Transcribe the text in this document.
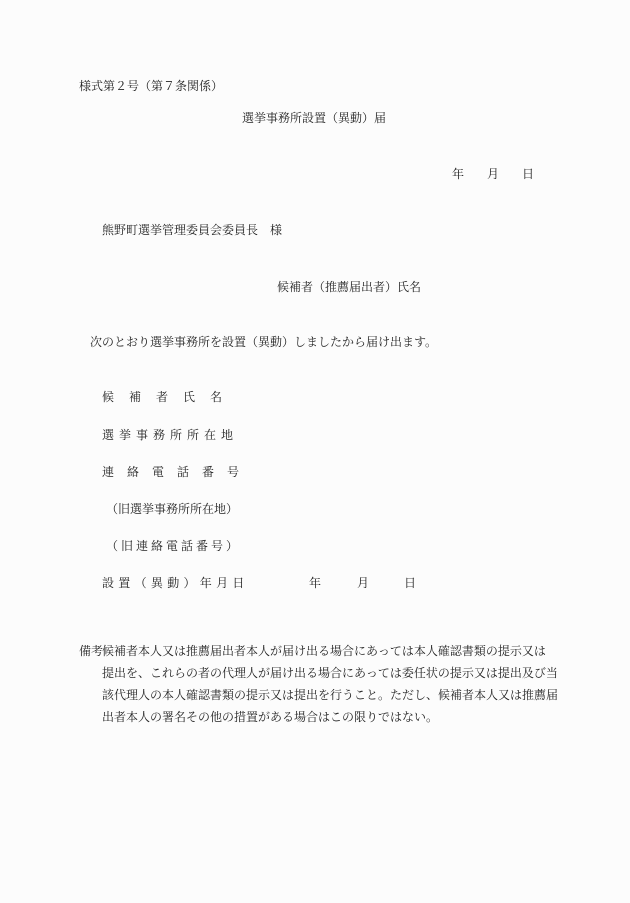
様式第２号（第７条関係）
選挙事務所設置（異動）届
年 月 日
熊野町選挙管理委員会委員長　様
候補者（推薦届出者）氏名
次のとおり選挙事務所を設置（異動）しましたから届け出ます。
候 補 者 氏 名
選 挙 事 務 所 所 在 地
連 絡 電 話 番 号
（旧選挙事務所所在地）
（ 旧 連 絡 電 話 番 号 ）
設 置 （ 異 動 ） 年 月 日	年	月	日
備考
候補者本人又は推薦届出者本人が届け出る場合にあっては本人確認書類の提示又は
提出を、これらの者の代理人が届け出る場合にあっては委任状の提示又は提出及び当
該代理人の本人確認書類の提示又は提出を行うこと。ただし、候補者本人又は推薦届
出者本人の署名その他の措置がある場合はこの限りではない。
